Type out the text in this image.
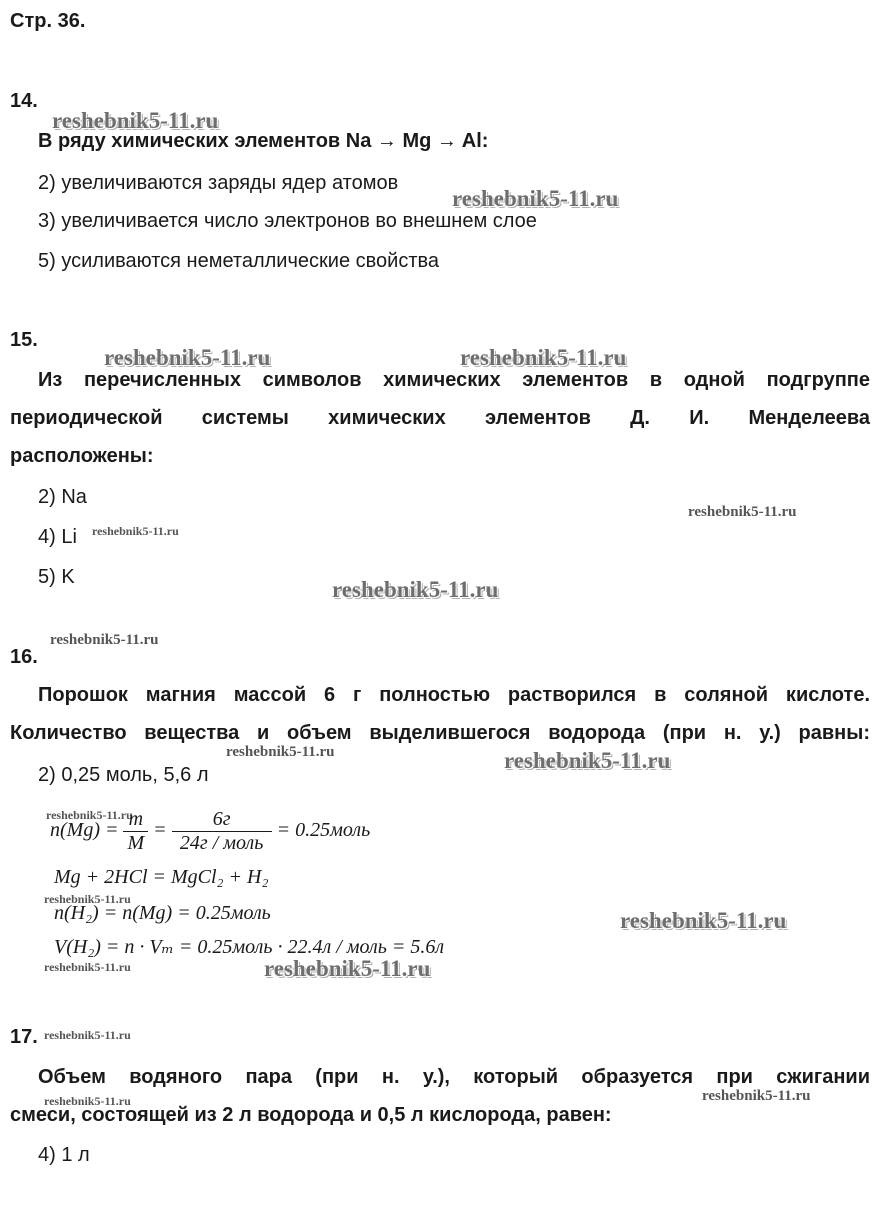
Стр. 36.
14.
reshebnik5-11.ru
В ряду химических элементов Na → Mg → Al:
2) увеличиваются заряды ядер атомов
reshebnik5-11.ru
3) увеличивается число электронов во внешнем слое
5) усиливаются неметаллические свойства
15.
reshebnik5-11.ru	reshebnik5-11.ru
Из перечисленных символов химических элементов в одной подгруппе
периодической системы химических элементов Д. И. Менделеева
расположены:
2) Na
reshebnik5-11.ru
4) Li reshebnik5-11.ru
5) K	reshebnik5-11.ru
reshebnik5-11.ru
16.
Порошок магния массой 6 г полностью растворился в соляной кислоте.
Количество вещества и объем выделившегося водорода (при н. у.) равны:
reshebnik5-11.ru
2) 0,25 моль, 5,6 л
reshebnik5-11.ru
reshebnik5-11.ru
$n(Mg) = \frac{m}{M} = \frac{6г}{\text{24г / моль}}$ = 0.25моль
Mg + 2HCl = MgCl₂ + H₂
reshebnik5-11.ru
n(H₂) = n(Mg) = 0.25моль	reshebnik5-11.ru
V(H₂) = n · Vₘ = 0.25моль · 22.4л / моль = 5.6л
reshebnik5-11.ru	reshebnik5-11.ru
17. reshebnik5-11.ru
Объем водяного пара (при н. у.), который образуется при сжигании
reshebnik5-11.ru	reshebnik5-11.ru
смеси, состоящей из 2 л водорода и 0,5 л кислорода, равен:
4) 1 л
